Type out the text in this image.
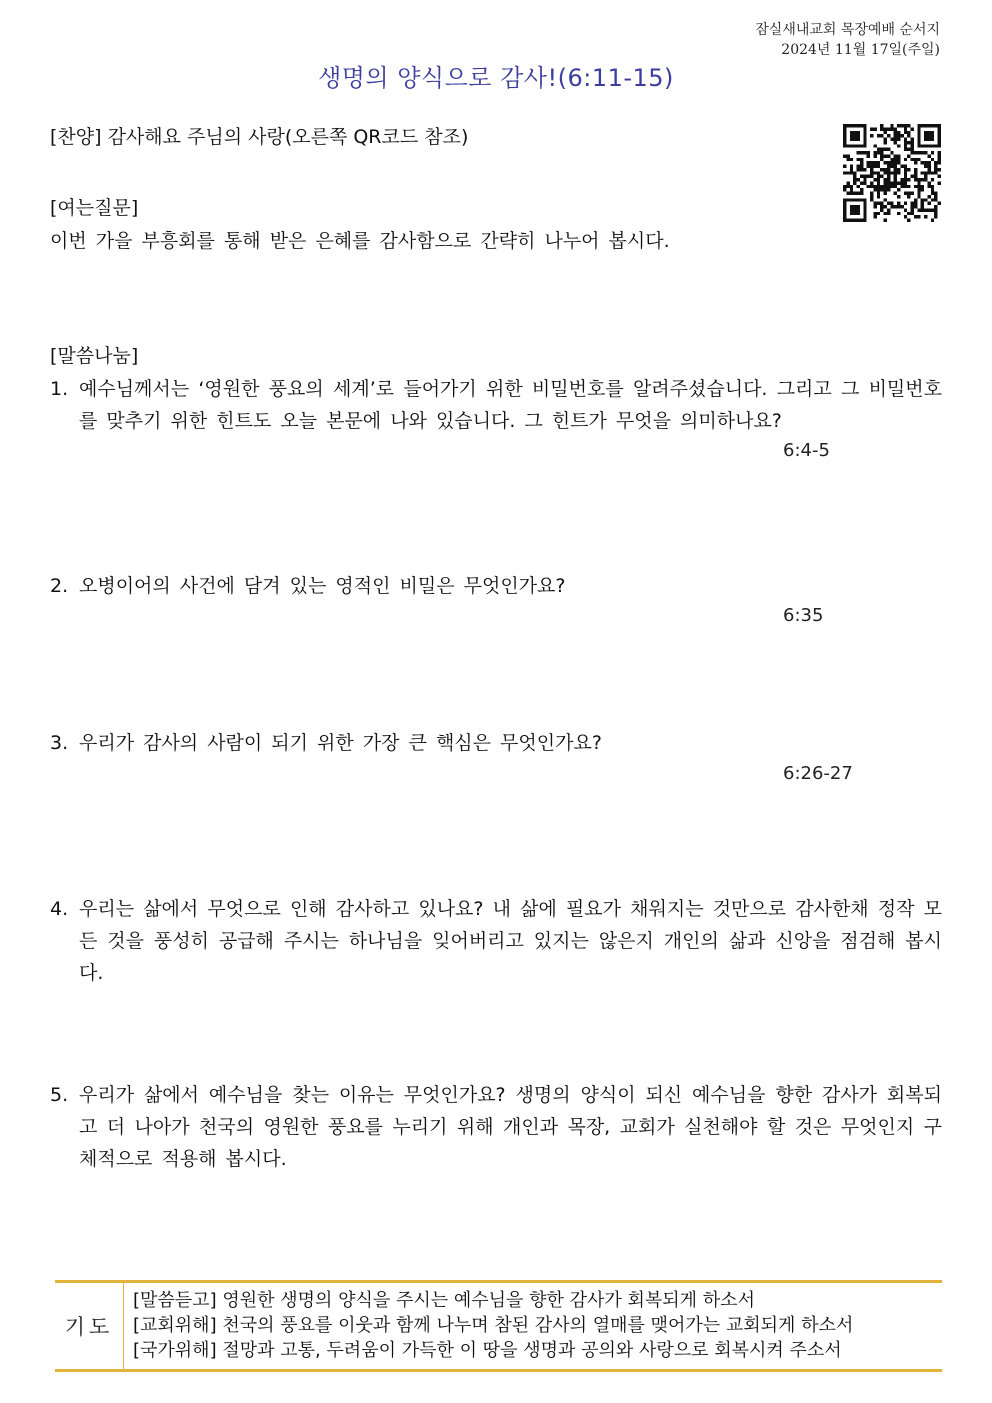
잠실새내교회 목장예배 순서지
2024년 11월 17일(주일)
생명의 양식으로 감사!(6:11-15)
[찬양] 감사해요 주님의 사랑(오른쪽 QR코드 참조)
[여는질문]
이번 가을 부흥회를 통해 받은 은혜를 감사함으로 간략히 나누어 봅시다.
[말씀나눔]
1. 예수님께서는 ‘영원한 풍요의 세계’로 들어가기 위한 비밀번호를 알려주셨습니다. 그리고 그 비밀번호를 맞추기 위한 힌트도 오늘 본문에 나와 있습니다. 그 힌트가 무엇을 의미하나요?
6:4-5
2. 오병이어의 사건에 담겨 있는 영적인 비밀은 무엇인가요?
6:35
3. 우리가 감사의 사람이 되기 위한 가장 큰 핵심은 무엇인가요?
6:26-27
4. 우리는 삶에서 무엇으로 인해 감사하고 있나요? 내 삶에 필요가 채워지는 것만으로 감사한채 정작 모든 것을 풍성히 공급해 주시는 하나님을 잊어버리고 있지는 않은지 개인의 삶과 신앙을 점검해 봅시다.
5. 우리가 삶에서 예수님을 찾는 이유는 무엇인가요? 생명의 양식이 되신 예수님을 향한 감사가 회복되고 더 나아가 천국의 영원한 풍요를 누리기 위해 개인과 목장, 교회가 실천해야 할 것은 무엇인지 구체적으로 적용해 봅시다.
기도
[말씀듣고] 영원한 생명의 양식을 주시는 예수님을 향한 감사가 회복되게 하소서
[교회위해] 천국의 풍요를 이웃과 함께 나누며 참된 감사의 열매를 맺어가는 교회되게 하소서
[국가위해] 절망과 고통, 두려움이 가득한 이 땅을 생명과 공의와 사랑으로 회복시켜 주소서
